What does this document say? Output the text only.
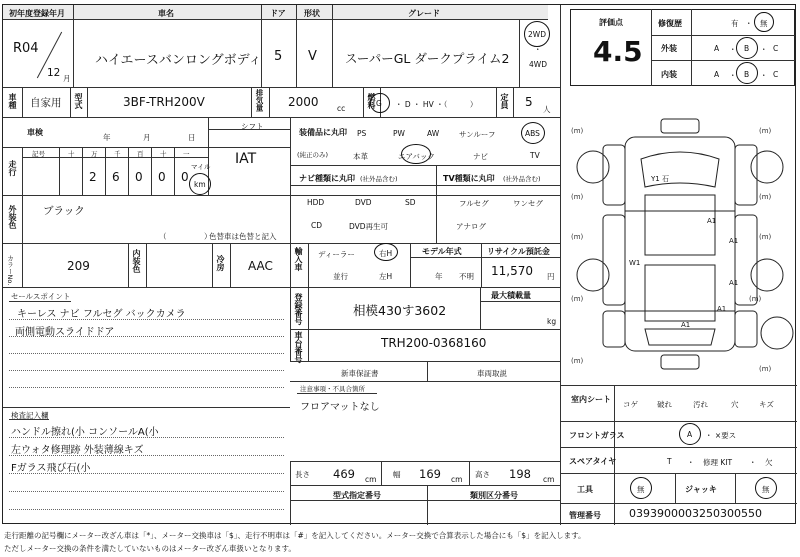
初年度登録年月	車名	ドア 形状	グレード
R04
12 月
ハイエースバンロングボディ 5 V スーパーGL ダークプライム2
2WD
・
4WD
評価点
4.5
修復歴	有 ・ 無
外装	A ・ B ・ C
内装	A ・ B ・ C
車種 自家用 型式	3BF-TRH200V	排気量 2000 cc	燃料 G ・ D ・ HV ・（　　　）	定員 5
人
車検
年	月	日
シフト
IAT
走行
記号	十	万	千	百	十	一
2 6 0 0 0
マイル
km
装備品に丸印
(純正のみ)
PS	PW	AW	サンルーフ	ABS
本革	エアバック	ナビ	TV
ナビ種類に丸印 (社外品含む)	TV種類に丸印 (社外品含む)
HDD	DVD	SD
CD	DVD再生可
フルセグ	ワンセグ
アナログ
外装色 ブラック
（　　　　　）
色替車は色替と記入
カラーNo.	209	内装色	冷房 AAC	輸入車 ディーラー
並行
右H
左H
モデル年式
年 不明
リサイクル預託金
11,570 円
登録番号	相模430す3602
最大積載量
kg
車台番号	TRH200-0368160
新車保証書	車両取説
注意事項・不具合箇所
フロアマットなし
セールスポイント
キーレス ナビ フルセグ バックカメラ
両側電動スライドドア
検査記入欄
ハンドル擦れ(小 コンソールA(小
左ウォタ修理跡 外装薄線キズ
Fガラス飛び石(小
長さ 469 cm
幅 169 cm
高さ 198 cm
型式指定番号	類別区分番号
室内シート
コゲ	破れ	汚れ	穴	キズ
フロントガラス	A ・ ×要ス
スペアタイヤ	T ・ 修理 KIT ・ 欠
工具	無	ジャッキ	無
管理番号	0393900003250300550
Y1 石
A1
A1
W1
A1
A1
A1
(m)	(m)
(m)	(m)
(m)	(m)
(m)	(m)
(m)
(m)
走行距離の記号欄にメーター改ざん車は「*」、メーター交換車は「$」、走行不明車は「#」を記入してください。メーター交換で合算表示した場合にも「$」を記入します。
ただしメーター交換の条件を満たしていないものはメーター改ざん車扱いとなります。
